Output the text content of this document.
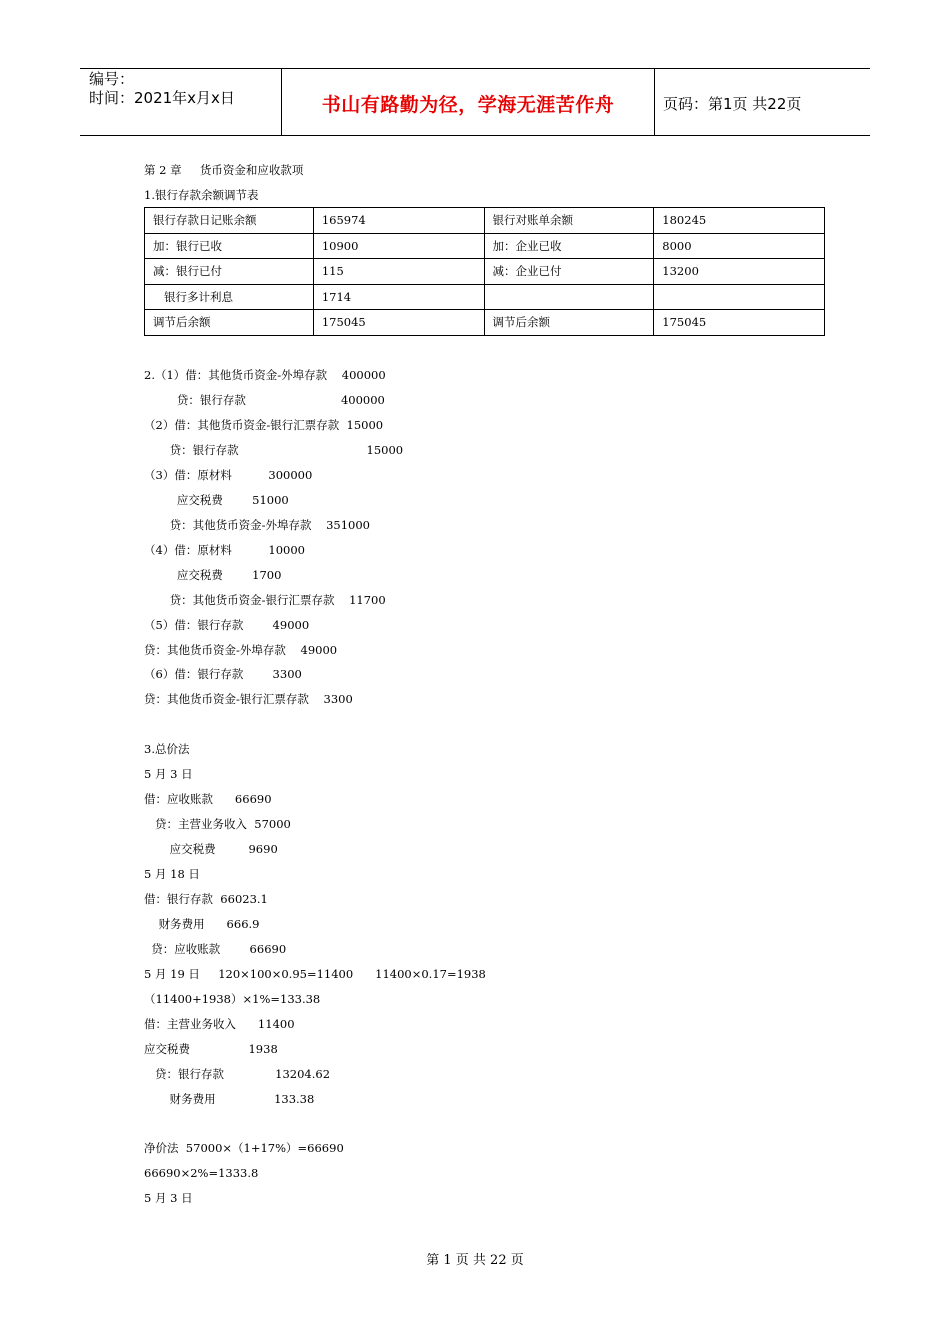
编号：
时间：2021年x月x日	书山有路勤为径，学海无涯苦作舟	页码：第1页 共22页
第 2 章     货币资金和应收款项
1.银行存款余额调节表
银行存款日记账余额	165974	银行对账单余额	180245
加：银行已收	10900	加：企业已收	8000
减：银行已付	115	减：企业已付	13200
银行多计利息	1714		
调节后余额	175045	调节后余额	175045
2.（1）借：其他货币资金-外埠存款    400000
贷：银行存款                          400000
（2）借：其他货币资金-银行汇票存款  15000
贷：银行存款                                   15000
（3）借：原材料          300000
应交税费        51000
贷：其他货币资金-外埠存款    351000
（4）借：原材料          10000
应交税费        1700
贷：其他货币资金-银行汇票存款    11700
（5）借：银行存款        49000
贷：其他货币资金-外埠存款    49000
（6）借：银行存款        3300
贷：其他货币资金-银行汇票存款    3300
3.总价法
5 月 3 日
借：应收账款      66690
贷：主营业务收入  57000
应交税费         9690
5 月 18 日
借：银行存款  66023.1
财务费用      666.9
贷：应收账款        66690
5 月 19 日     120×100×0.95=11400      11400×0.17=1938
（11400+1938）×1%=133.38
借：主营业务收入      11400
应交税费                1938
贷：银行存款              13204.62
财务费用                133.38
净价法  57000×（1+17%）=66690
66690×2%=1333.8
5 月 3 日
第 1 页 共 22 页
